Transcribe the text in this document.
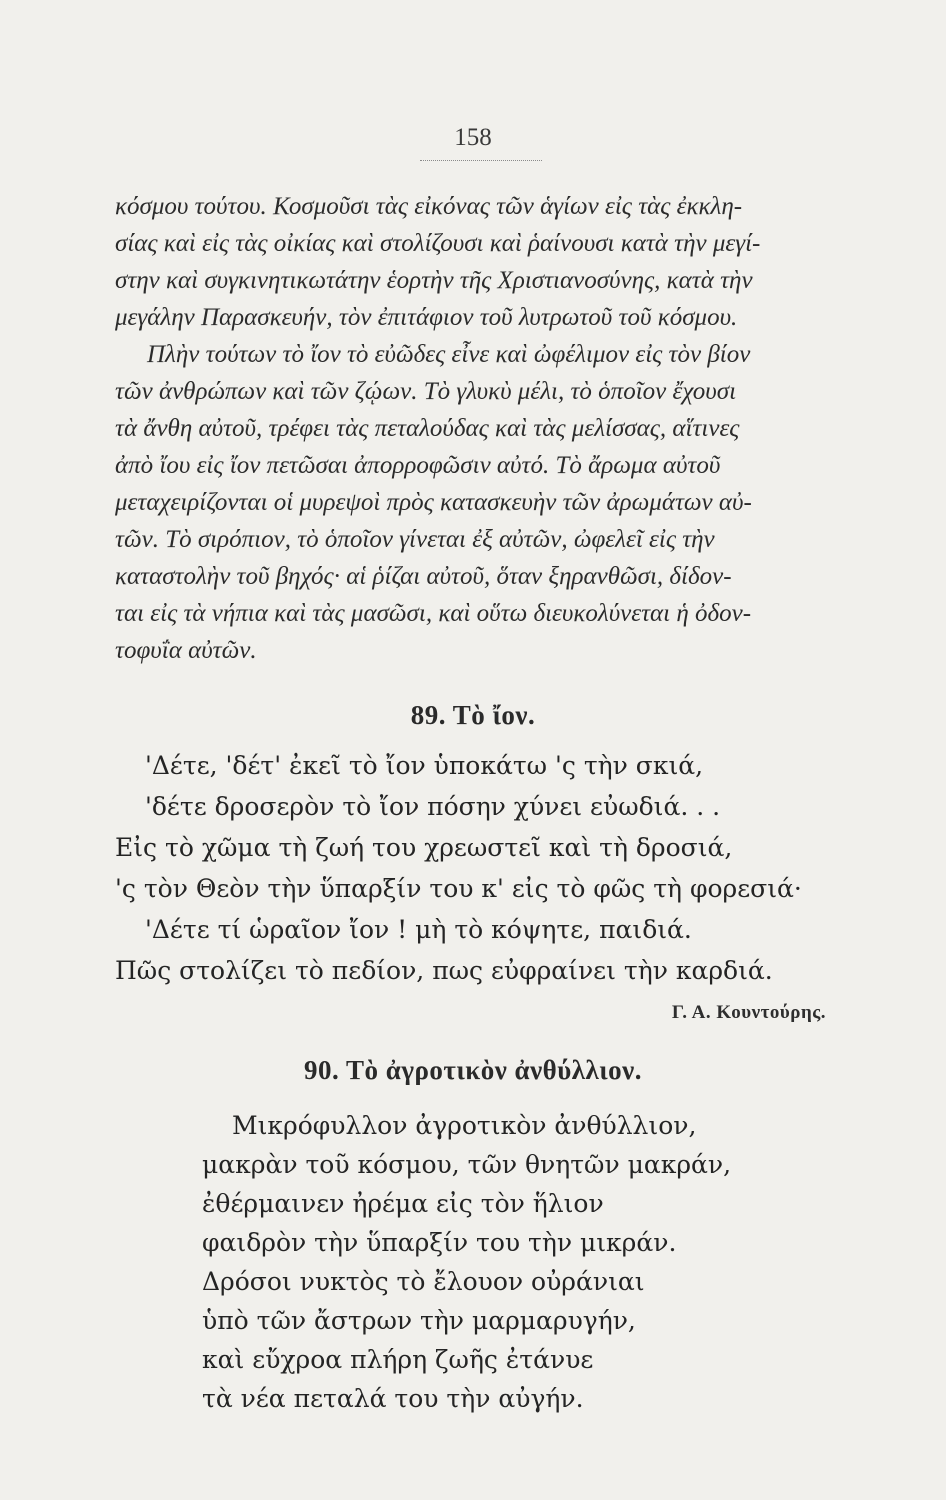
158
κόσμου τούτου. Κοσμοῦσι τὰς εἰκόνας τῶν ἁγίων εἰς τὰς ἐκκλη-
σίας καὶ εἰς τὰς οἰκίας καὶ στολίζουσι καὶ ῥαίνουσι κατὰ τὴν μεγί-
στην καὶ συγκινητικωτάτην ἑορτὴν τῆς Χριστιανοσύνης, κατὰ τὴν
μεγάλην Παρασκευήν, τὸν ἐπιτάφιον τοῦ λυτρωτοῦ τοῦ κόσμου.
Πλὴν τούτων τὸ ἴον τὸ εὐῶδες εἶνε καὶ ὠφέλιμον εἰς τὸν βίον
τῶν ἀνθρώπων καὶ τῶν ζῴων. Τὸ γλυκὺ μέλι, τὸ ὁποῖον ἔχουσι
τὰ ἄνθη αὐτοῦ, τρέφει τὰς πεταλούδας καὶ τὰς μελίσσας, αἵτινες
ἀπὸ ἴου εἰς ἴον πετῶσαι ἀπορροφῶσιν αὐτό. Τὸ ἄρωμα αὐτοῦ
μεταχειρίζονται οἱ μυρεψοὶ πρὸς κατασκευὴν τῶν ἀρωμάτων αὐ-
τῶν. Τὸ σιρόπιον, τὸ ὁποῖον γίνεται ἐξ αὐτῶν, ὠφελεῖ εἰς τὴν
καταστολὴν τοῦ βηχός· αἱ ῥίζαι αὐτοῦ, ὅταν ξηρανθῶσι, δίδον-
ται εἰς τὰ νήπια καὶ τὰς μασῶσι, καὶ οὕτω διευκολύνεται ἡ ὀδον-
τοφυΐα αὐτῶν.
89. Τὸ ἴον.
'Δέτε, 'δέτ' ἐκεῖ τὸ ἴον ὑποκάτω 'ς τὴν σκιά,
'δέτε δροσερὸν τὸ ἴον πόσην χύνει εὐωδιά. . .
Εἰς τὸ χῶμα τὴ ζωή του χρεωστεῖ καὶ τὴ δροσιά,
'ς τὸν Θεὸν τὴν ὕπαρξίν του κ' εἰς τὸ φῶς τὴ φορεσιά·
'Δέτε τί ὡραῖον ἴον ! μὴ τὸ κόψητε, παιδιά.
Πῶς στολίζει τὸ πεδίον, πως εὐφραίνει τὴν καρδιά.
Γ. Α. Κουντούρης.
90. Τὸ ἀγροτικὸν ἀνθύλλιον.
Μικρόφυλλον ἀγροτικὸν ἀνθύλλιον,
μακρὰν τοῦ κόσμου, τῶν θνητῶν μακράν,
ἐθέρμαινεν ἠρέμα εἰς τὸν ἥλιον
φαιδρὸν τὴν ὕπαρξίν του τὴν μικράν.
Δρόσοι νυκτὸς τὸ ἔλουον οὐράνιαι
ὑπὸ τῶν ἄστρων τὴν μαρμαρυγήν,
καὶ εὔχροα πλήρη ζωῆς ἐτάνυε
τὰ νέα πεταλά του τὴν αὐγήν.
